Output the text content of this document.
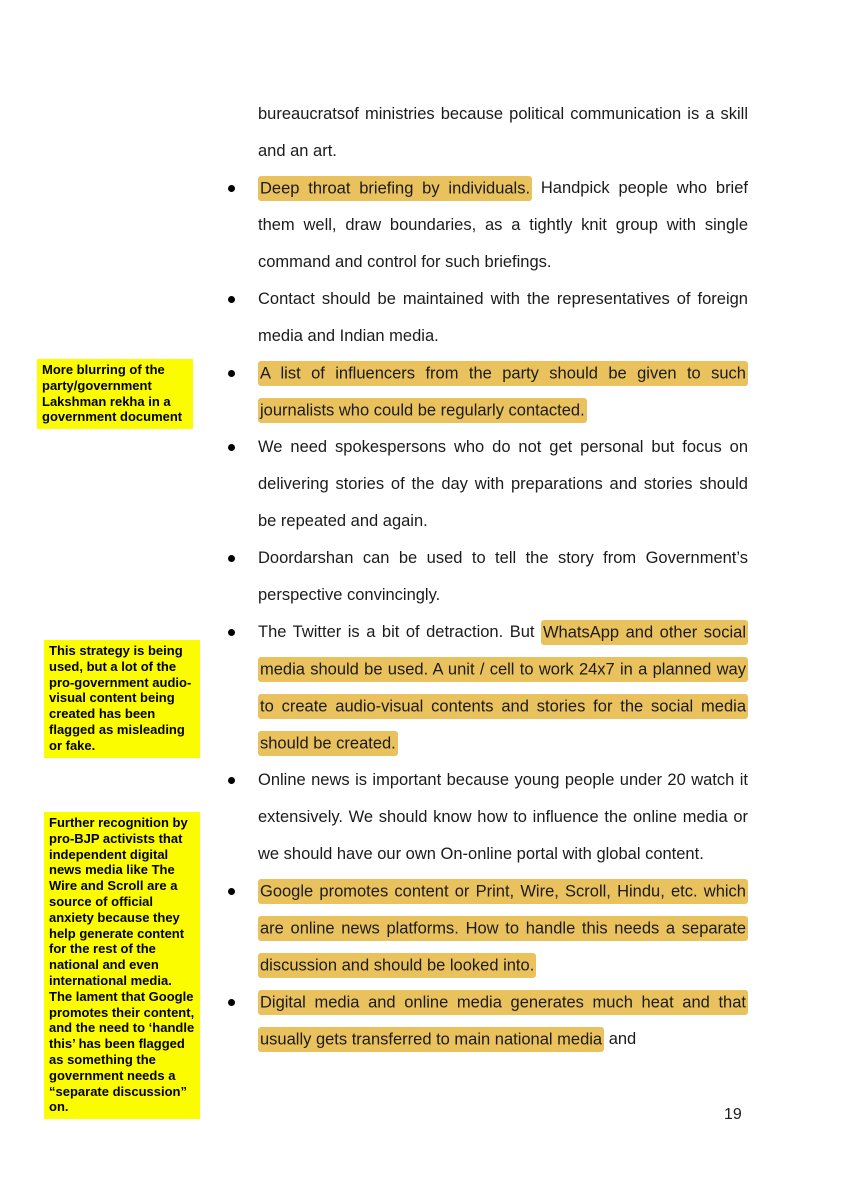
bureaucratsof ministries because political communication is a skill and an art.
Deep throat briefing by individuals. Handpick people who brief them well, draw boundaries, as a tightly knit group with single command and control for such briefings.
Contact should be maintained with the representatives of foreign media and Indian media.
A list of influencers from the party should be given to such journalists who could be regularly contacted.
We need spokespersons who do not get personal but focus on delivering stories of the day with preparations and stories should be repeated and again.
Doordarshan can be used to tell the story from Government’s perspective convincingly.
The Twitter is a bit of detraction. But WhatsApp and other social media should be used. A unit / cell to work 24x7 in a planned way to create audio-visual contents and stories for the social media should be created.
Online news is important because young people under 20 watch it extensively. We should know how to influence the online media or we should have our own On-online portal with global content.
Google promotes content or Print, Wire, Scroll, Hindu, etc. which are online news platforms. How to handle this needs a separate discussion and should be looked into.
Digital media and online media generates much heat and that usually gets transferred to main national media and
More blurring of the party/government Lakshman rekha in a government document
This strategy is being used, but a lot of the pro-government audio-visual content being created has been flagged as misleading or fake.
Further recognition by pro-BJP activists that independent digital news media like The Wire and Scroll are a source of official anxiety because they help generate content for the rest of the national and even international media. The lament that Google promotes their content, and the need to ‘handle this’ has been flagged as something the government needs a “separate discussion” on.	19
